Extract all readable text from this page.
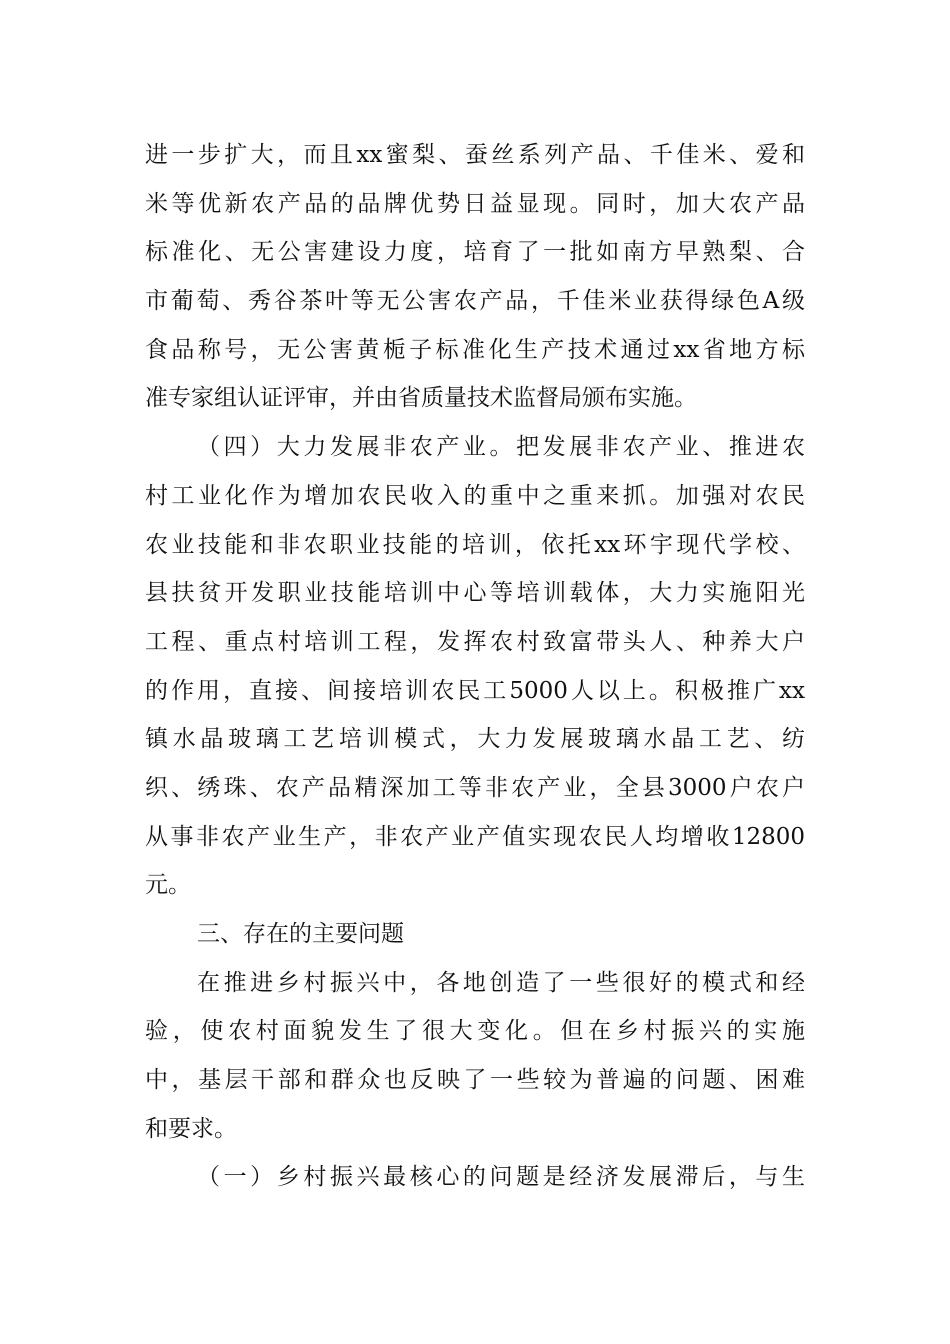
进一步扩大，而且xx蜜梨、蚕丝系列产品、千佳米、爱和
米等优新农产品的品牌优势日益显现。同时，加大农产品
标准化、无公害建设力度，培育了一批如南方早熟梨、合
市葡萄、秀谷茶叶等无公害农产品，千佳米业获得绿色A级
食品称号，无公害黄栀子标准化生产技术通过xx省地方标
准专家组认证评审，并由省质量技术监督局颁布实施。
（四）大力发展非农产业。把发展非农产业、推进农
村工业化作为增加农民收入的重中之重来抓。加强对农民
农业技能和非农职业技能的培训，依托xx环宇现代学校、
县扶贫开发职业技能培训中心等培训载体，大力实施阳光
工程、重点村培训工程，发挥农村致富带头人、种养大户
的作用，直接、间接培训农民工5000人以上。积极推广xx
镇水晶玻璃工艺培训模式，大力发展玻璃水晶工艺、纺
织、绣珠、农产品精深加工等非农产业，全县3000户农户
从事非农产业生产，非农产业产值实现农民人均增收12800
元。
三、存在的主要问题
在推进乡村振兴中，各地创造了一些很好的模式和经
验，使农村面貌发生了很大变化。但在乡村振兴的实施
中，基层干部和群众也反映了一些较为普遍的问题、困难
和要求。
（一）乡村振兴最核心的问题是经济发展滞后，与生
